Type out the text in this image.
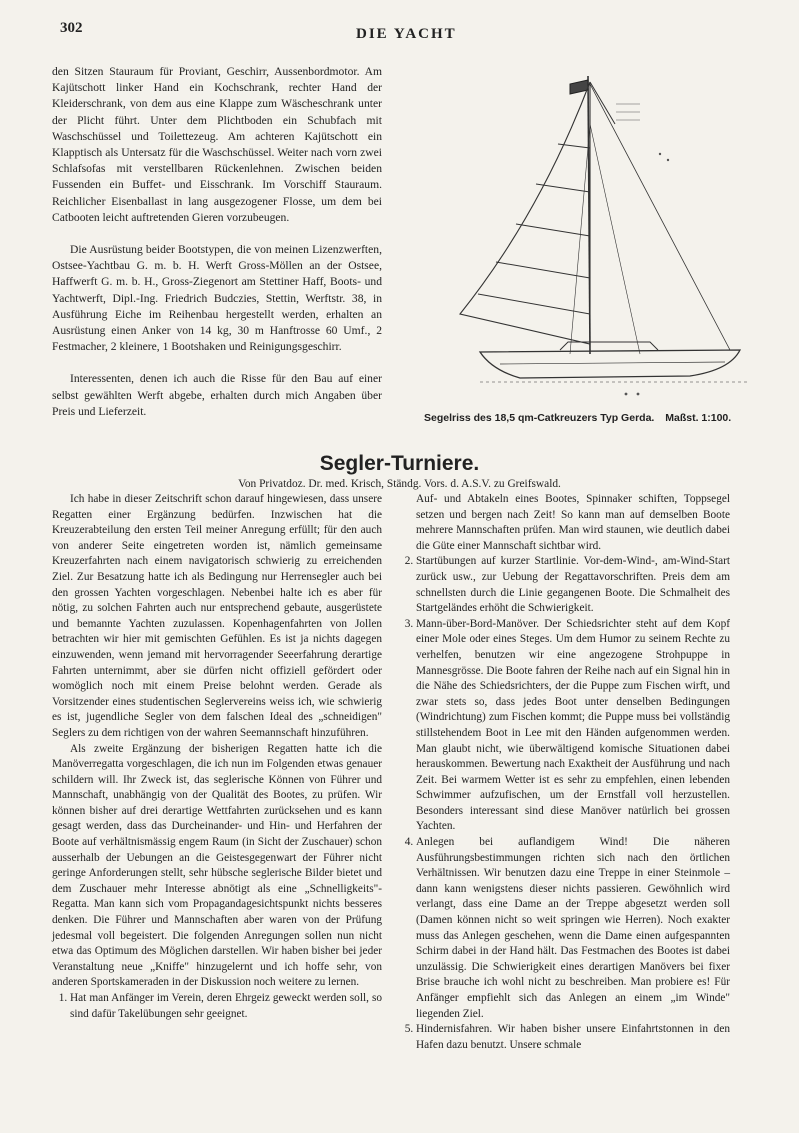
302	DIE YACHT

den Sitzen Stauraum für Proviant, Geschirr, Aussenbordmotor. Am Kajütschott linker Hand ein Kochschrank, rechter Hand der Kleiderschrank, von dem aus eine Klappe zum Wäscheschrank unter der Plicht führt. Unter dem Plichtboden ein Schubfach mit Waschschüssel und Toilettezeug. Am achteren Kajütschott ein Klapptisch als Untersatz für die Waschschüssel. Weiter nach vorn zwei Schlafsofas mit verstellbaren Rückenlehnen. Zwischen beiden Fussenden ein Buffet- und Eisschrank. Im Vorschiff Stauraum. Reichlicher Eisenballast in lang ausgezogener Flosse, um dem bei Catbooten leicht auftretenden Gieren vorzubeugen.

Die Ausrüstung beider Bootstypen, die von meinen Lizenzwerften, Ostsee-Yachtbau G. m. b. H. Werft Gross-Möllen an der Ostsee, Haffwerft G. m. b. H., Gross-Ziegenort am Stettiner Haff, Boots- und Yachtwerft, Dipl.-Ing. Friedrich Budczies, Stettin, Werftstr. 38, in Ausführung Eiche im Reihenbau hergestellt werden, erhalten an Ausrüstung einen Anker von 14 kg, 30 m Hanftrosse 60 Umf., 2 Festmacher, 2 kleinere, 1 Bootshaken und Reinigungsgeschirr.

Interessenten, denen ich auch die Risse für den Bau auf einer selbst gewählten Werft abgebe, erhalten durch mich Angaben über Preis und Lieferzeit.

Segelriss des 18,5 qm-Catkreuzers Typ Gerda. Maßst. 1:100.
Segler-Turniere.
Von Privatdoz. Dr. med. Krisch, Ständg. Vors. d. A.S.V. zu Greifswald.

Ich habe in dieser Zeitschrift schon darauf hingewiesen, dass unsere Regatten einer Ergänzung bedürfen. Inzwischen hat die Kreuzerabteilung den ersten Teil meiner Anregung erfüllt; für den auch von anderer Seite eingetreten worden ist, nämlich gemeinsame Kreuzerfahrten nach einem navigatorisch schwierig zu erreichenden Ziel. Zur Besatzung hatte ich als Bedingung nur Herrensegler auch bei den grossen Yachten vorgeschlagen. Nebenbei halte ich es aber für nötig, zu solchen Fahrten auch nur entsprechend gebaute, ausgerüstete und bemannte Yachten zuzulassen. Kopenhagenfahrten von Jollen betrachten wir hier mit gemischten Gefühlen. Es ist ja nichts dagegen einzuwenden, wenn jemand mit hervorragender Seeerfahrung derartige Fahrten unternimmt, aber sie dürfen nicht offiziell gefördert oder womöglich noch mit einem Preise belohnt werden. Gerade als Vorsitzender eines studentischen Seglervereins weiss ich, wie schwierig es ist, jugendliche Segler von dem falschen Ideal des „schneidigen" Seglers zu dem richtigen von der wahren Seemannschaft hinzuführen.

Als zweite Ergänzung der bisherigen Regatten hatte ich die Manöverregatta vorgeschlagen, die ich nun im Folgenden etwas genauer schildern will. Ihr Zweck ist, das seglerische Können von Führer und Mannschaft, unabhängig von der Qualität des Bootes, zu prüfen. Wir können bisher auf drei derartige Wettfahrten zurücksehen und es kann gesagt werden, dass das Durcheinander- und Hin- und Herfahren der Boote auf verhältnismässig engem Raum (in Sicht der Zuschauer) schon ausserhalb der Uebungen an die Geistesgegenwart der Führer nicht geringe Anforderungen stellt, sehr hübsche seglerische Bilder bietet und dem Zuschauer mehr Interesse abnötigt als eine „Schnelligkeits"-Regatta. Man kann sich vom Propagandagesichtspunkt nichts besseres denken. Die Führer und Mannschaften aber waren von der Prüfung jedesmal voll begeistert. Die folgenden Anregungen sollen nun nicht etwa das Optimum des Möglichen darstellen. Wir haben bisher bei jeder Veranstaltung neue „Kniffe" hinzugelernt und ich hoffe sehr, von anderen Sportskameraden in der Diskussion noch weitere zu lernen.

1. Hat man Anfänger im Verein, deren Ehrgeiz geweckt werden soll, so sind dafür Takelübungen sehr geeignet.

Auf- und Abtakeln eines Bootes, Spinnaker schiften, Toppsegel setzen und bergen nach Zeit! So kann man auf demselben Boote mehrere Mannschaften prüfen. Man wird staunen, wie deutlich dabei die Güte einer Mannschaft sichtbar wird.

2. Startübungen auf kurzer Startlinie. Vor-dem-Wind-, am-Wind-Start zurück usw., zur Uebung der Regattavorschriften. Preis dem am schnellsten durch die Linie gegangenen Boote. Die Schmalheit des Startgeländes erhöht die Schwierigkeit.
3. Mann-über-Bord-Manöver. Der Schiedsrichter steht auf dem Kopf einer Mole oder eines Steges. Um dem Humor zu seinem Rechte zu verhelfen, benutzen wir eine angezogene Strohpuppe in Mannesgrösse. Die Boote fahren der Reihe nach auf ein Signal hin in die Nähe des Schiedsrichters, der die Puppe zum Fischen wirft, und zwar stets so, dass jedes Boot unter denselben Bedingungen (Windrichtung) zum Fischen kommt; die Puppe muss bei vollständig stillstehendem Boot in Lee mit den Händen aufgenommen werden. Man glaubt nicht, wie überwältigend komische Situationen dabei herauskommen. Bewertung nach Exaktheit der Ausführung und nach Zeit. Bei warmem Wetter ist es sehr zu empfehlen, einen lebenden Schwimmer aufzufischen, um der Ernstfall voll herzustellen. Besonders interessant sind diese Manöver natürlich bei grossen Yachten.
4. Anlegen bei auflandigem Wind! Die näheren Ausführungsbestimmungen richten sich nach den örtlichen Verhältnissen. Wir benutzen dazu eine Treppe in einer Steinmole – dann kann wenigstens dieser nichts passieren. Gewöhnlich wird verlangt, dass eine Dame an der Treppe abgesetzt werden soll (Damen können nicht so weit springen wie Herren). Noch exakter muss das Anlegen geschehen, wenn die Dame einen aufgespannten Schirm dabei in der Hand hält. Das Festmachen des Bootes ist dabei unzulässig. Die Schwierigkeit eines derartigen Manövers bei fixer Brise brauche ich wohl nicht zu beschreiben. Man probiere es! Für Anfänger empfiehlt sich das Anlegen an einem „im Winde" liegenden Ziel.
5. Hindernisfahren. Wir haben bisher unsere Einfahrtstonnen in den Hafen dazu benutzt. Unsere schmale
